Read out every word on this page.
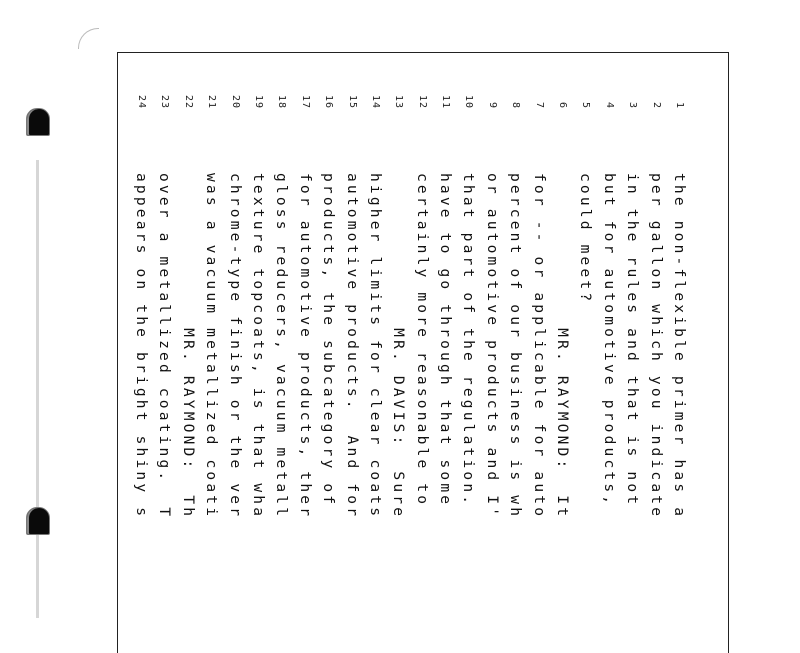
1
the non-flexible primer has a
2
per gallon which you indicate
3
in the rules and that is not
4
but for automotive products,
5
could meet?
6
MR. RAYMOND:  It
7
for -- or applicable for auto
8
percent of our business is wh
9
or automotive products and I'
10
that part of the regulation.
11
have to go through that some
12
certainly more reasonable to
13
MR. DAVIS:  Sure
14
higher limits for clear coats
15
automotive products.  And for
16
products, the subcategory of
17
for automotive products, ther
18
gloss reducers, vacuum metall
19
texture topcoats, is that wha
20
chrome-type finish or the ver
21
was a vacuum metallized coati
22
MR. RAYMOND:  Th
23
over a metallized coating.  T
24
appears on the bright shiny s
